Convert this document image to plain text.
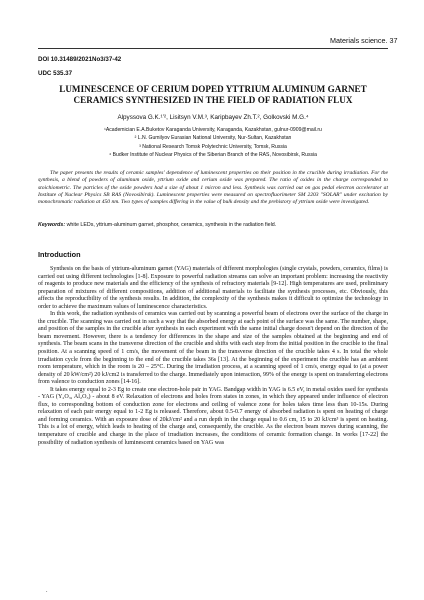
Materials science. 37
DOI 10.31489/2021No3/37-42
UDC 535.37
LUMINESCENCE OF CERIUM DOPED YTTRIUM ALUMINUM GARNET CERAMICS SYNTHESIZED IN THE FIELD OF RADIATION FLUX
Alpyssova G.K.¹ʼ², Lisitsyn V.M.³, Karipbayev Zh.T.², Golkovski M.G.⁴
¹Academician E.A.Buketov Karaganda University, Karaganda, Kazakhstan, gulnur-0909@mail.ru
² L.N. Gumilyov Eurasian National University, Nur-Sultan, Kazakhstan
³ National Research Tomsk Polytechnic University, Tomsk, Russia
⁴ Budker Institute of Nuclear Physics of the Siberian Branch of the RAS, Novosibirsk, Russia
The paper presents the results of ceramic samples' dependence of luminescent properties on their position in the crucible during irradiation. For the synthesis, a blend of powders of aluminum oxide, yttrium oxide and cerium oxide was prepared. The ratio of oxides in the charge corresponded to stoichiometric. The particles of the oxide powders had a size of about 1 micron and less. Synthesis was carried out on gas pedal electron accelerator at Institute of Nuclear Physics SB RAS (Novosibirsk). Luminescent properties were measured on spectrofluorimeter SM 2203 "SOLAR" under excitation by monochromatic radiation at 450 nm. Two types of samples differing in the value of bulk density and the prehistory of yttrium oxide were investigated.
Keywords: white LEDs, yttrium-aluminum garnet, phosphor, ceramics, synthesis in the radiation field.
Introduction

Synthesis on the basis of yttrium-aluminum garnet (YAG) materials of different morphologies (single crystals, powders, ceramics, films) is carried out using different technologies [1-8]. Exposure to powerful radiation streams can solve an important problem: increasing the reactivity of reagents to produce new materials and the efficiency of the synthesis of refractory materials [9-12]. High temperatures are used, preliminary preparation of mixtures of different compositions, addition of additional materials to facilitate the synthesis processes, etc. Obviously, this affects the reproducibility of the synthesis results. In addition, the complexity of the synthesis makes it difficult to optimize the technology in order to achieve the maximum values of luminescence characteristics.

In this work, the radiation synthesis of ceramics was carried out by scanning a powerful beam of electrons over the surface of the charge in the crucible. The scanning was carried out in such a way that the absorbed energy at each point of the surface was the same. The number, shape, and position of the samples in the crucible after synthesis in each experiment with the same initial charge doesn't depend on the direction of the beam movement. However, there is a tendency for differences in the shape and size of the samples obtained at the beginning and end of synthesis. The beam scans in the transverse direction of the crucible and shifts with each step from the initial position in the crucible to the final position. At a scanning speed of 1 cm/s, the movement of the beam in the transverse direction of the crucible takes 4 s. In total the whole irradiation cycle from the beginning to the end of the crucible takes 36s [13]. At the beginning of the experiment the crucible has an ambient room temperature, which in the room is 20 – 25°C. During the irradiation process, at a scanning speed of 1 cm/s, energy equal to (at a power density of 20 kW/cm²) 20 kJ/cm2 is transferred to the charge. Immediately upon interaction, 99% of the energy is spent on transferring electrons from valence to conduction zones [14-16].

It takes energy equal to 2-3 Eg to create one electron-hole pair in YAG. Bandgap width in YAG is 6.5 eV, in metal oxides used for synthesis - YAG (Y₂O₃, Al₂O₃) - about 8 eV. Relaxation of electrons and holes from states in zones, in which they appeared under influence of electron flux, to corresponding bottom of conduction zone for electrons and ceiling of valence zone for holes takes time less than 10-15s. During relaxation of each pair energy equal to 1-2 Eg is released. Therefore, about 0.5-0.7 energy of absorbed radiation is spent on heating of charge and forming ceramics. With an exposure dose of 20kJ/cm² and a run depth in the charge equal to 0.6 cm, 15 to 20 kJ/cm³ is spent on heating. This is a lot of energy, which leads to heating of the charge and, consequently, the crucible. As the electron beam moves during scanning, the temperature of crucible and charge in the place of irradiation increases, the conditions of ceramic formation change. In works [17-22] the possibility of radiation synthesis of luminescent ceramics based on YAG was

.
